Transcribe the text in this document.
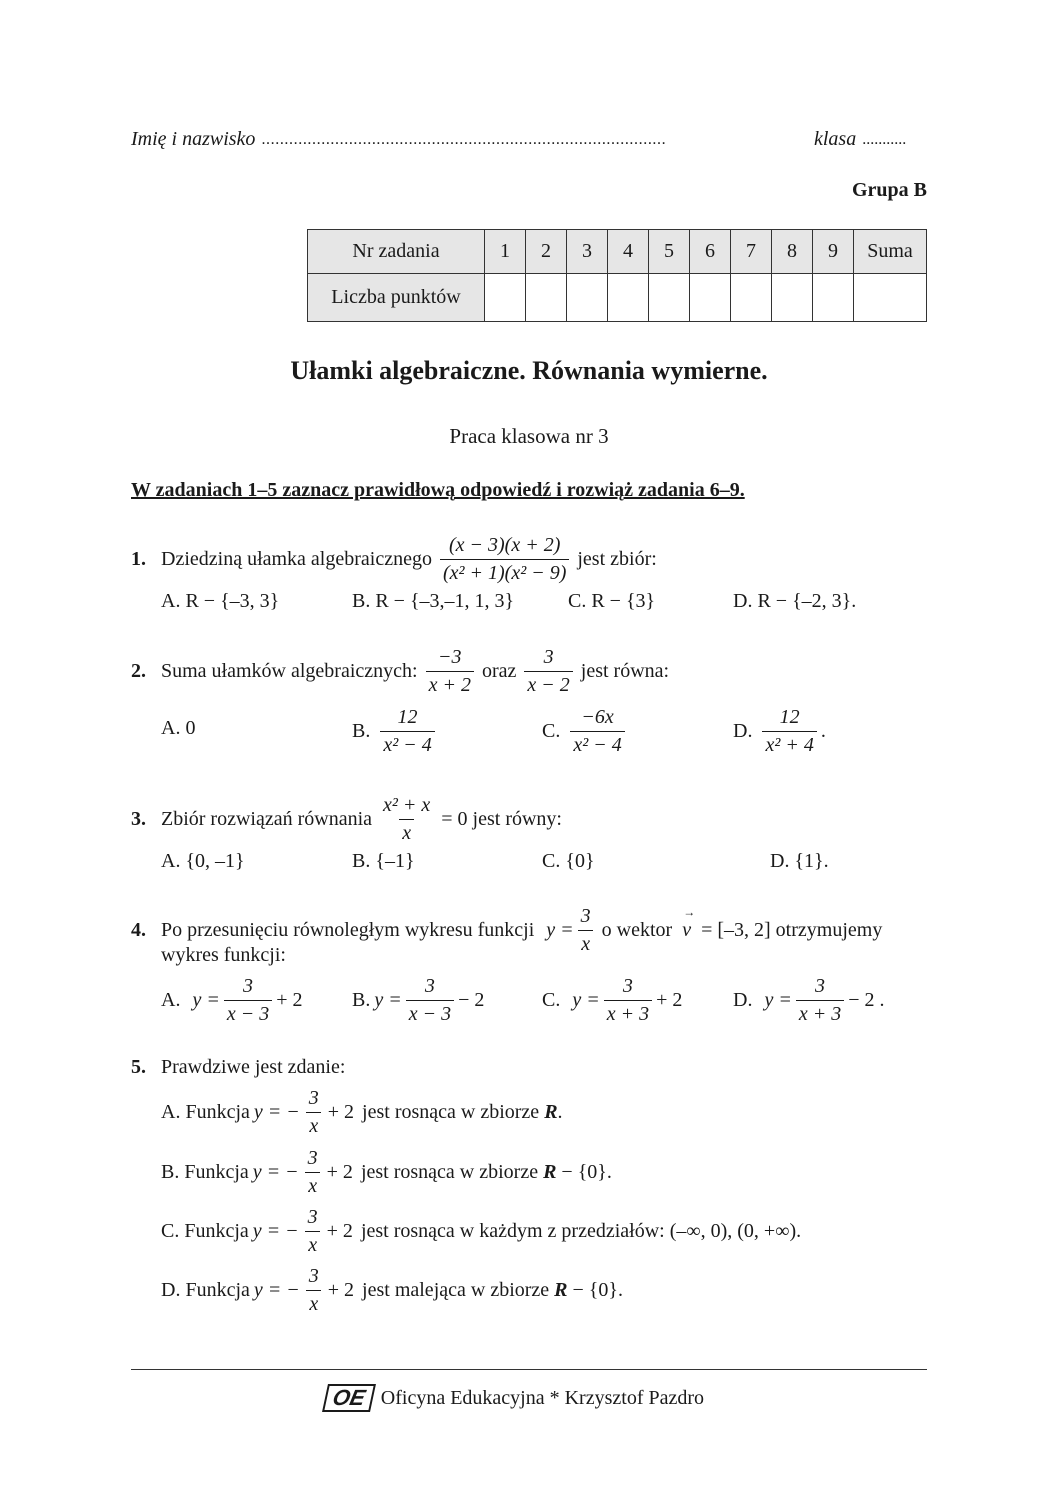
Imię i nazwisko ........................................................................................	klasa ...........
Grupa B
Nr zadania	1	2	3	4	5	6	7	8	9	Suma
Liczba punktów										
Ułamki algebraiczne. Równania wymierne.
Praca klasowa nr 3
W zadaniach 1–5 zaznacz prawidłową odpowiedź i rozwiąż zadania 6–9.
1. Dziedziną ułamka algebraicznego $\frac{(x - 3)(x + 2)}{\text{(x² + 1)(x² − 9)}}$ jest zbiór:
A. R − {–3, 3}	B. R − {–3,–1, 1, 3}	C. R − {3}	D. R − {–2, 3}.
2. Suma ułamków algebraicznych: $\frac{-3}{x + 2}$ oraz $\frac{3}{x - 2}$ jest równa:
A. 0	B. $\frac{12}{\text{x² − 4}}$	C. $\frac{-6x}{\text{x² − 4}}$	D. $\frac{12}{\text{x² + 4}}$ .
3. Zbiór rozwiązań równania $\frac{\text{x² + x}}{x} = 0$ jest równy:
A. {0, –1}	B. {–1}	C. {0}	D. {1}.
4. Po przesunięciu równoległym wykresu funkcji $y = \frac{3}{x}$ o wektor
→
v = [–3, 2] otrzymujemy
wykres funkcji:
A. $y = \frac{3}{x - 3} + 2$ B. $y = \frac{3}{x - 3} - 2$	C. $y = \frac{3}{x + 3} + 2$	D. $y = \frac{3}{x + 3} - 2$ .
5. Prawdziwe jest zdanie:
A. Funkcja y = − $\frac{3}{x} + 2$ jest rosnąca w zbiorze R .
B. Funkcja y = − $\frac{3}{x} + 2$ jest rosnąca w zbiorze R − {0}.
C. Funkcja y = − $\frac{3}{x} + 2$ jest rosnąca w każdym z przedziałów: (–∞, 0), (0, +∞).
D. Funkcja y = − $\frac{3}{x} + 2$ jest malejąca w zbiorze R − {0}.
OE Oficyna Edukacyjna * Krzysztof Pazdro
